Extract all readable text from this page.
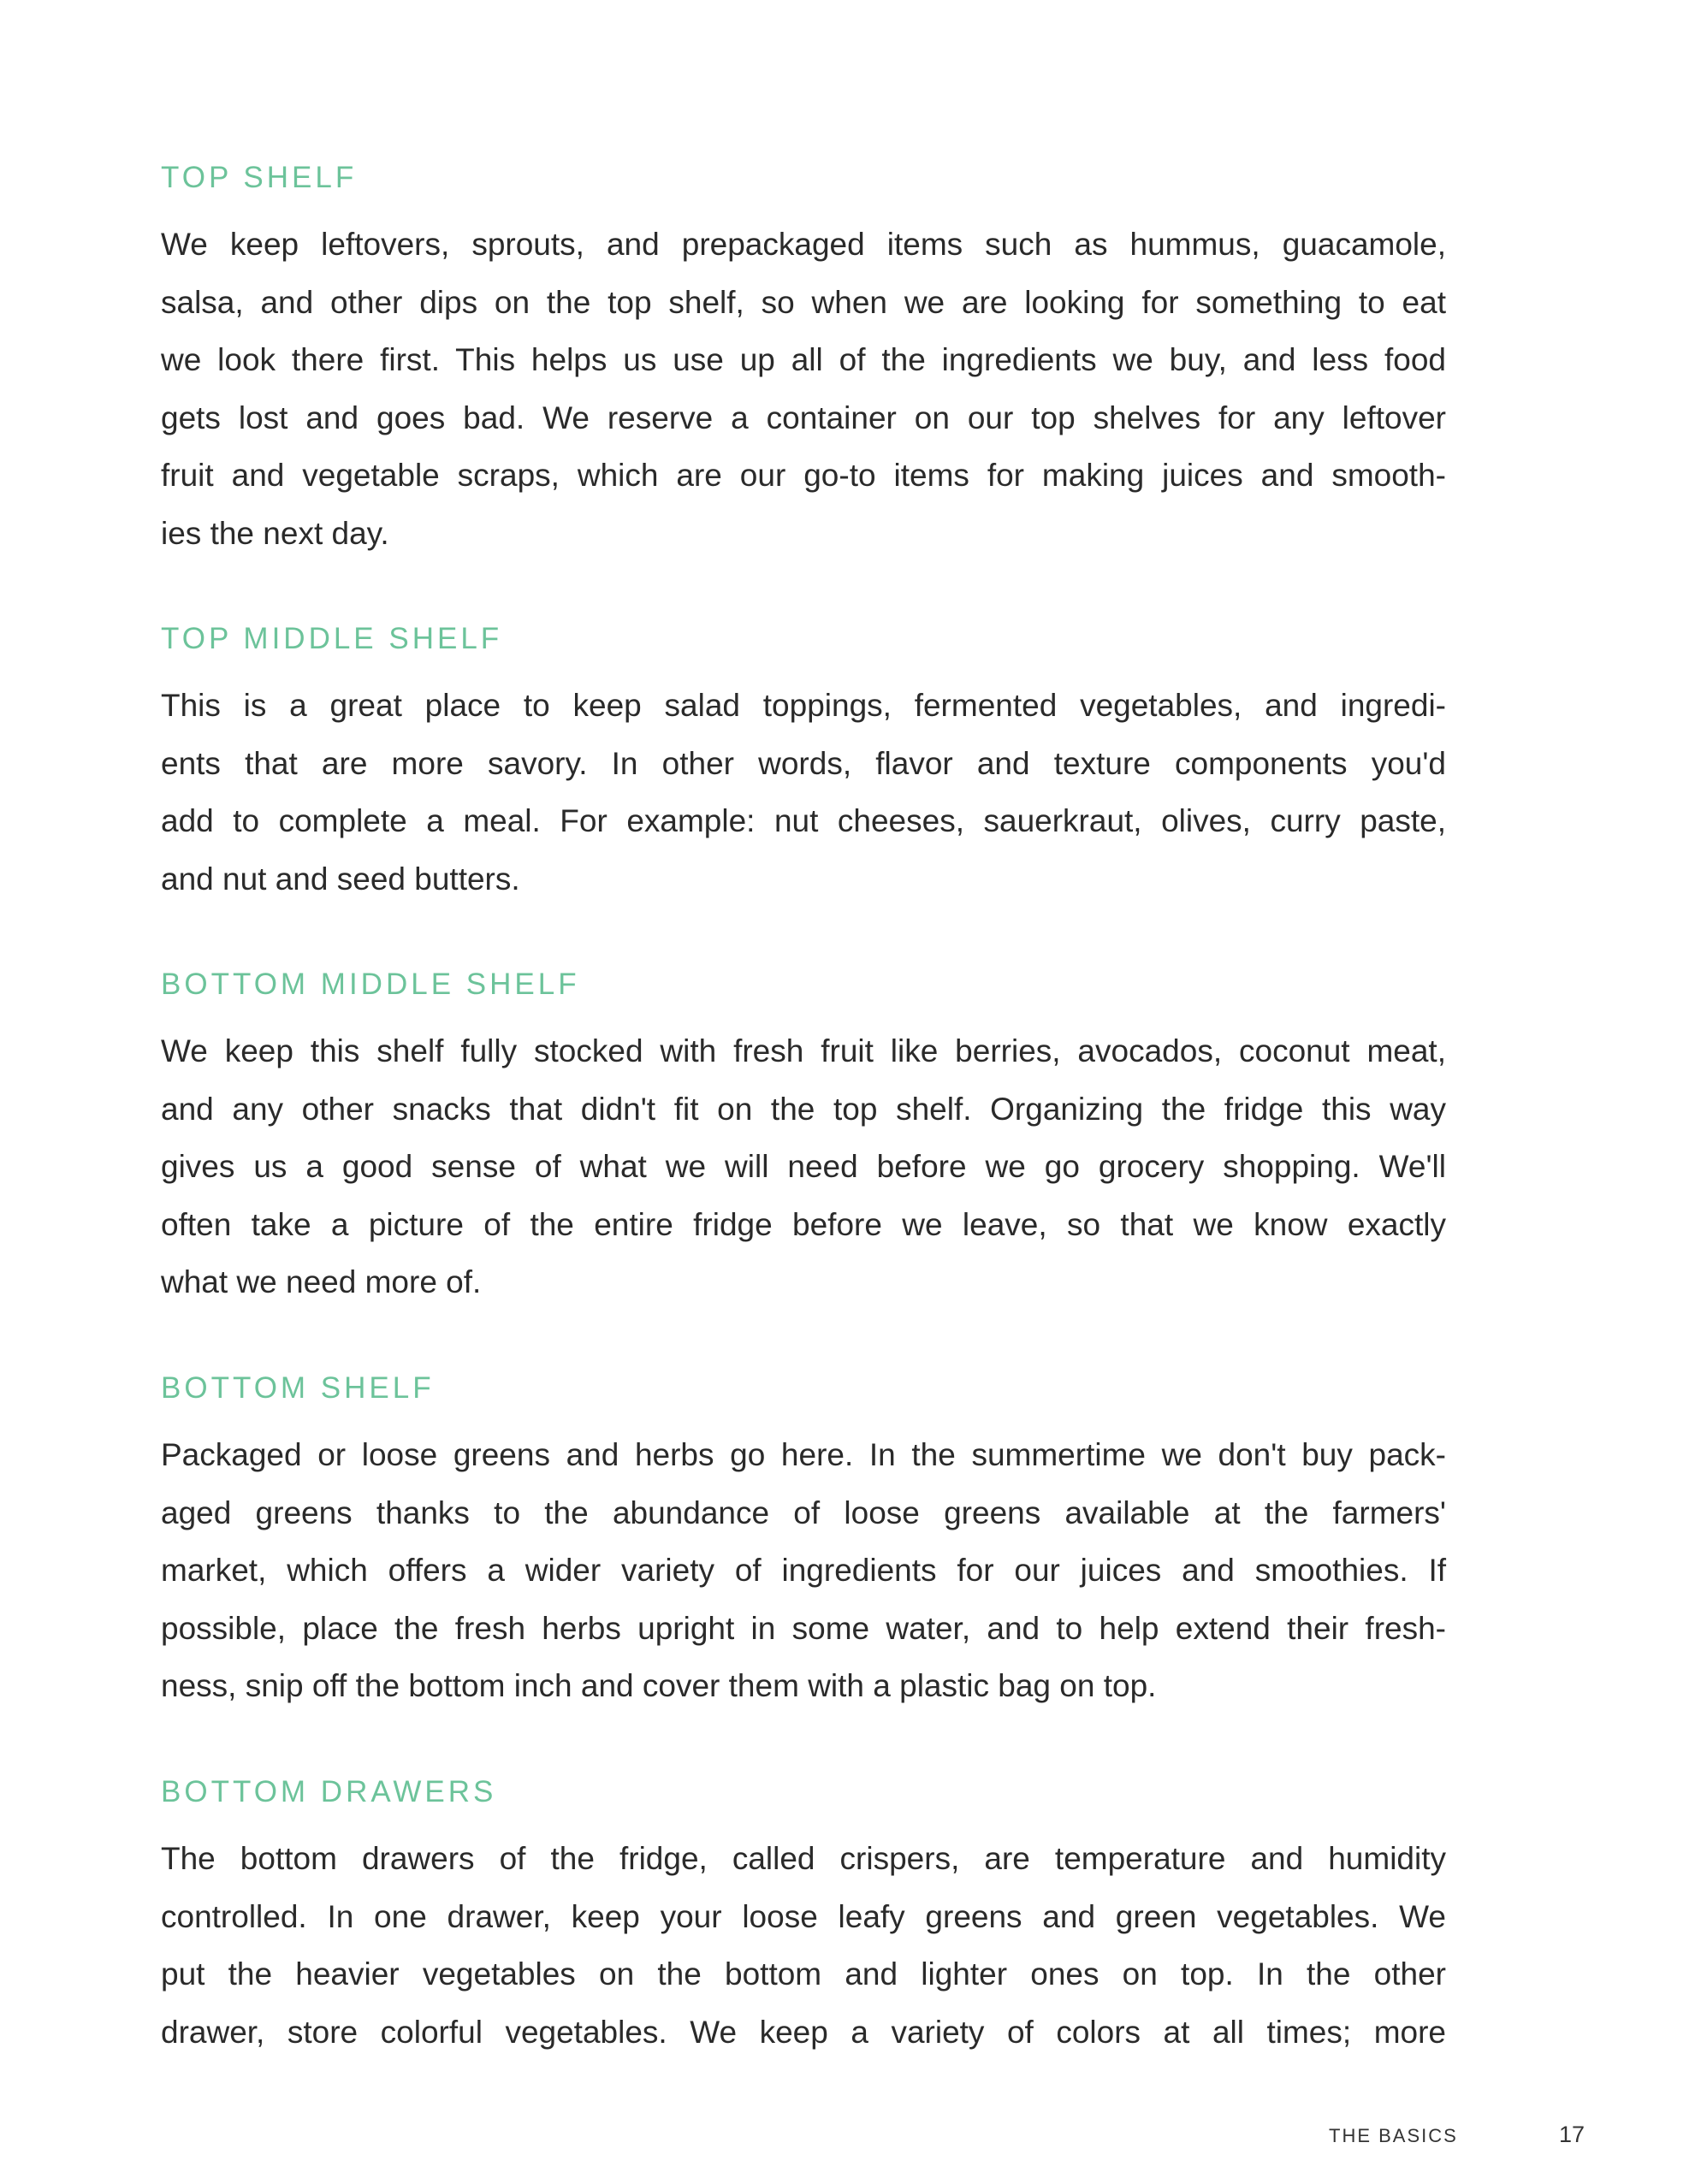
TOP SHELF
We keep leftovers, sprouts, and prepackaged items such as hummus, guacamole,
salsa, and other dips on the top shelf, so when we are looking for something to eat
we look there first. This helps us use up all of the ingredients we buy, and less food
gets lost and goes bad. We reserve a container on our top shelves for any leftover
fruit and vegetable scraps, which are our go-to items for making juices and smooth-
ies the next day.
TOP MIDDLE SHELF
This is a great place to keep salad toppings, fermented vegetables, and ingredi-
ents that are more savory. In other words, flavor and texture components you'd
add to complete a meal. For example: nut cheeses, sauerkraut, olives, curry paste,
and nut and seed butters.
BOTTOM MIDDLE SHELF
We keep this shelf fully stocked with fresh fruit like berries, avocados, coconut meat,
and any other snacks that didn't fit on the top shelf. Organizing the fridge this way
gives us a good sense of what we will need before we go grocery shopping. We'll
often take a picture of the entire fridge before we leave, so that we know exactly
what we need more of.
BOTTOM SHELF
Packaged or loose greens and herbs go here. In the summertime we don't buy pack-
aged greens thanks to the abundance of loose greens available at the farmers'
market, which offers a wider variety of ingredients for our juices and smoothies. If
possible, place the fresh herbs upright in some water, and to help extend their fresh-
ness, snip off the bottom inch and cover them with a plastic bag on top.
BOTTOM DRAWERS
The bottom drawers of the fridge, called crispers, are temperature and humidity
controlled. In one drawer, keep your loose leafy greens and green vegetables. We
put the heavier vegetables on the bottom and lighter ones on top. In the other
drawer, store colorful vegetables. We keep a variety of colors at all times; more
THE BASICS	17
